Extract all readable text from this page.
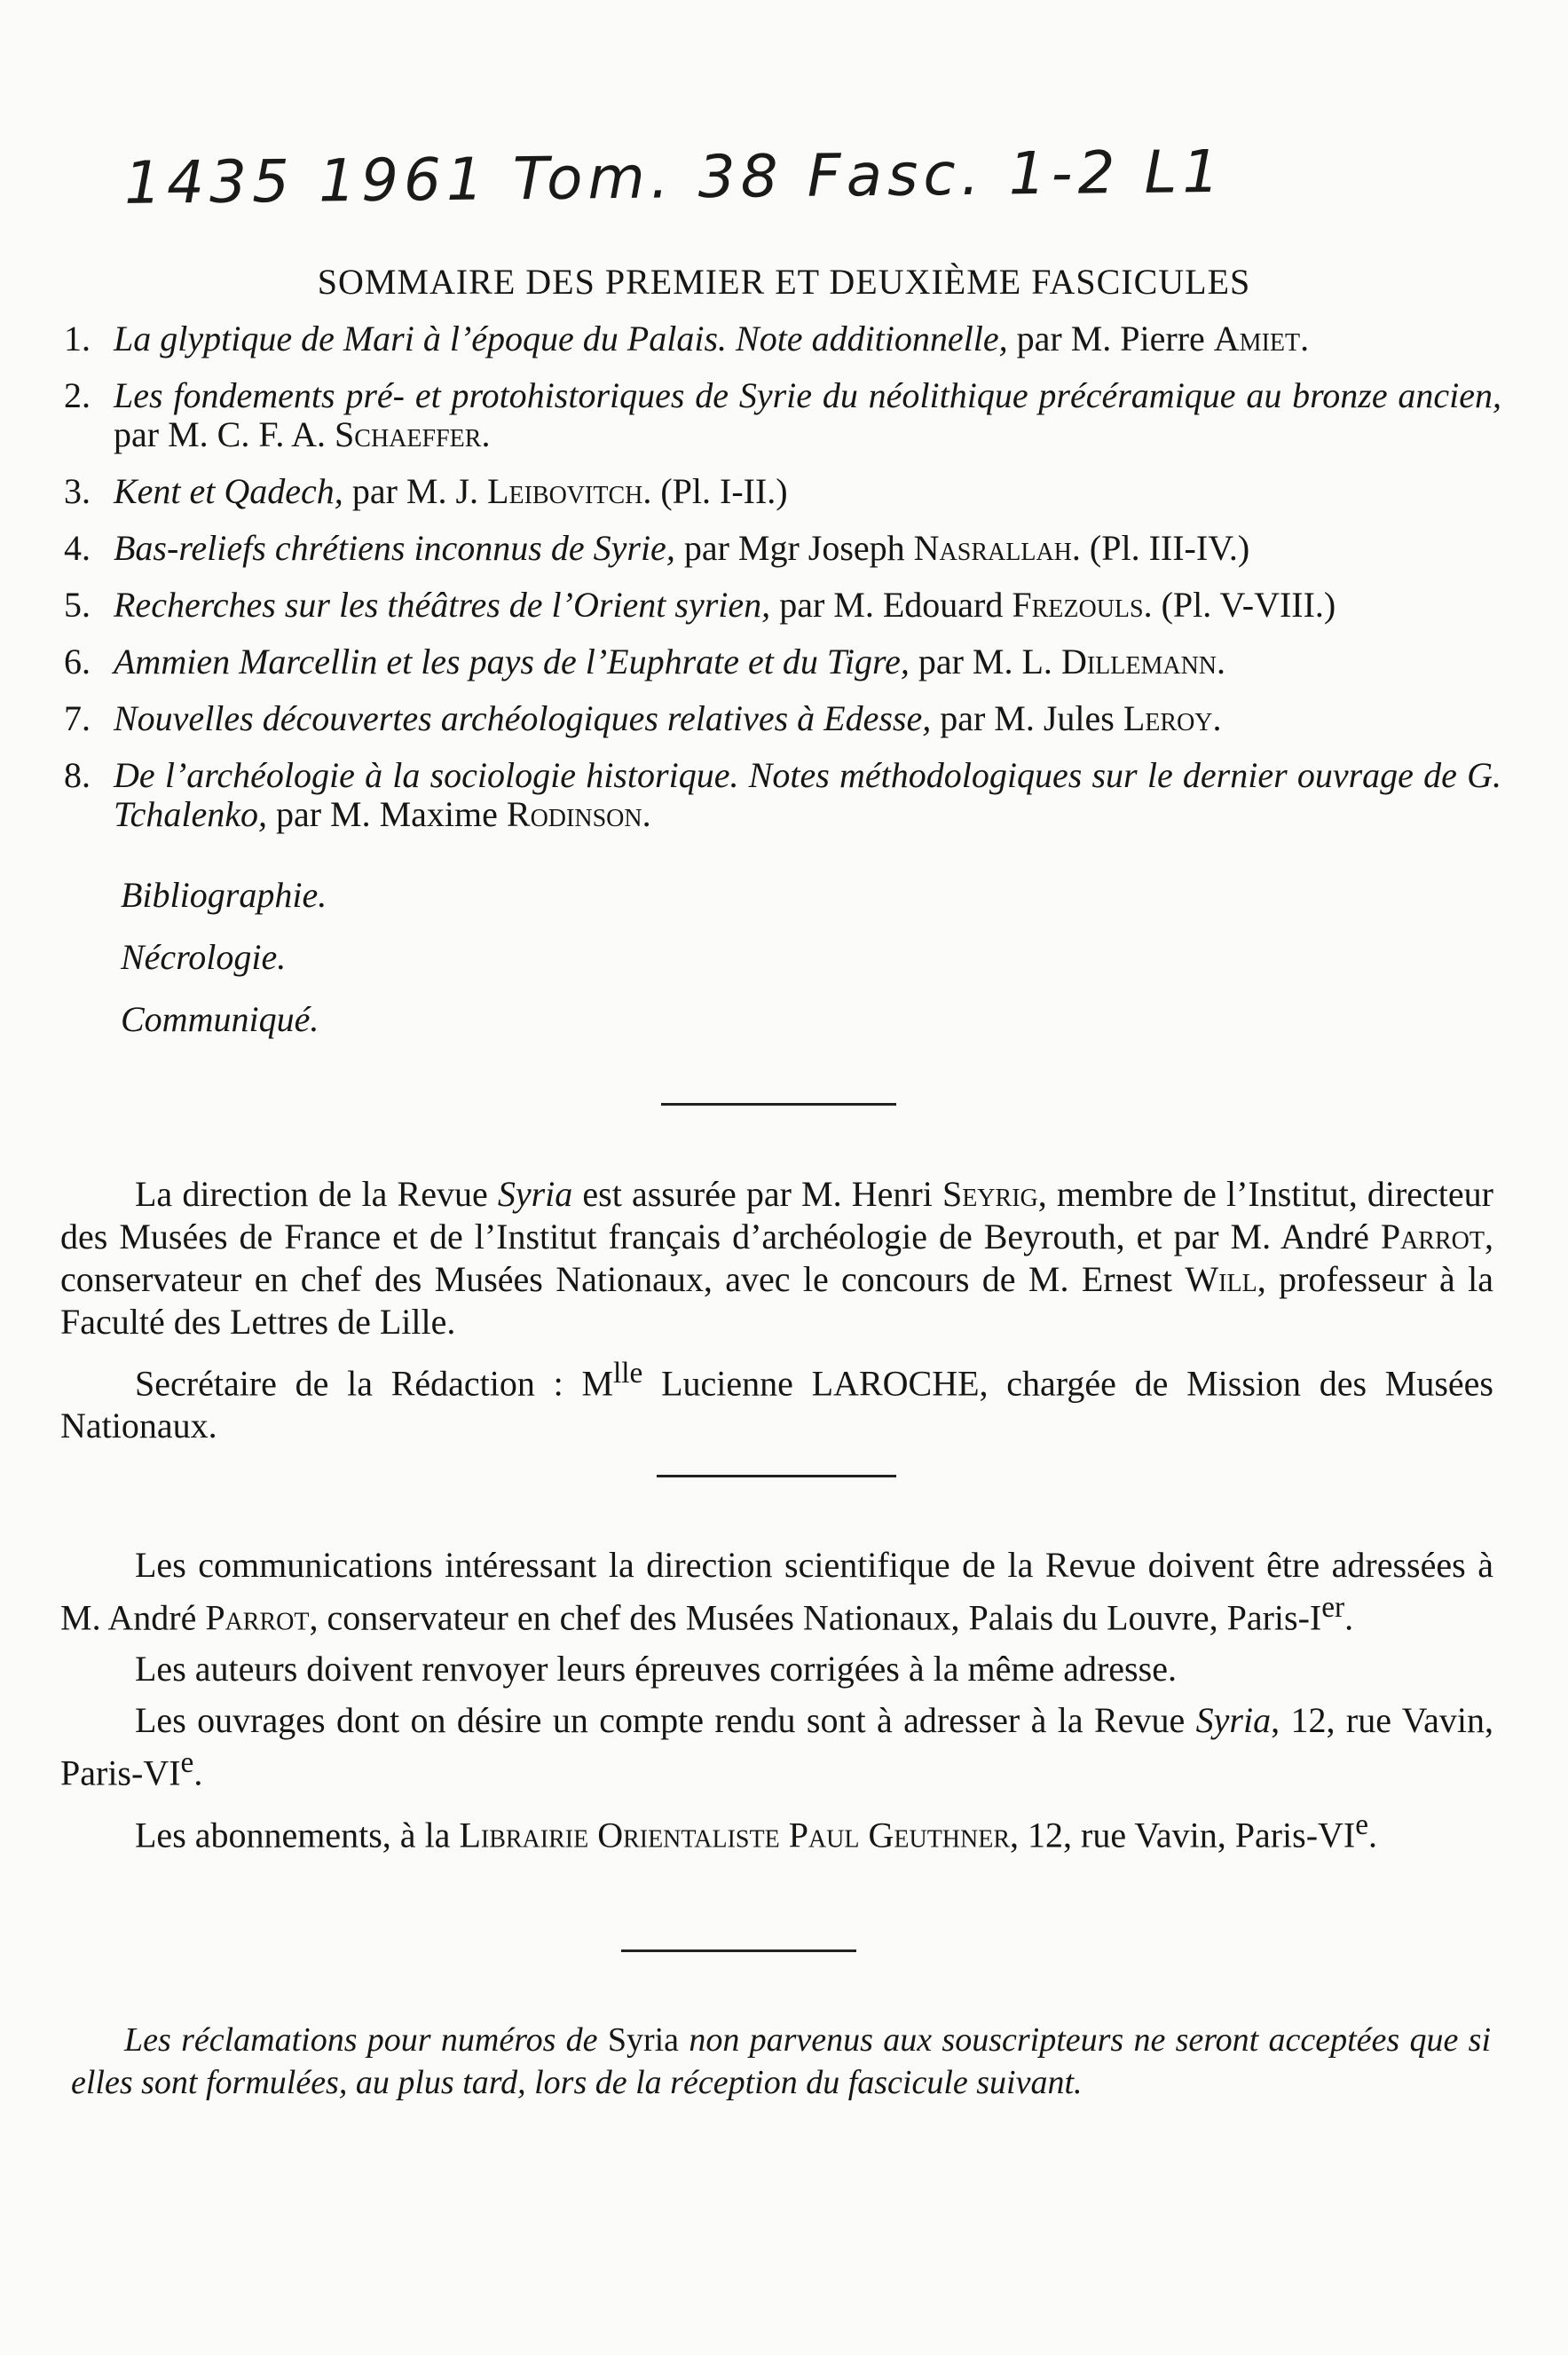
1435 1961 Tom. 38 Fasc. 1-2 L1
SOMMAIRE DES PREMIER ET DEUXIÈME FASCICULES
1. La glyptique de Mari à l’époque du Palais. Note additionnelle, par M. Pierre Amiet.
2. Les fondements pré- et protohistoriques de Syrie du néolithique précéramique au bronze ancien, par M. C. F. A. Schaeffer.
3. Kent et Qadech, par M. J. Leibovitch. (Pl. I-II.)
4. Bas-reliefs chrétiens inconnus de Syrie, par Mgr Joseph Nasrallah. (Pl. III-IV.)
5. Recherches sur les théâtres de l’Orient syrien, par M. Edouard Frezouls. (Pl. V-VIII.)
6. Ammien Marcellin et les pays de l’Euphrate et du Tigre, par M. L. Dillemann.
7. Nouvelles découvertes archéologiques relatives à Edesse, par M. Jules Leroy.
8. De l’archéologie à la sociologie historique. Notes méthodologiques sur le dernier ouvrage de G. Tchalenko, par M. Maxime Rodinson.
Bibliographie.
Nécrologie.
Communiqué.

La direction de la Revue Syria est assurée par M. Henri Seyrig, membre de l’Institut, directeur des Musées de France et de l’Institut français d’archéologie de Beyrouth, et par M. André Parrot, conservateur en chef des Musées Nationaux, avec le concours de M. Ernest Will, professeur à la Faculté des Lettres de Lille.

Secrétaire de la Rédaction : $M^{lle}$ Lucienne LAROCHE, chargée de Mission des Musées Nationaux.

Les communications intéressant la direction scientifique de la Revue doivent être adressées à M. André Parrot, conservateur en chef des Musées Nationaux, Palais du Louvre, Paris-Ier.

Les auteurs doivent renvoyer leurs épreuves corrigées à la même adresse.

Les ouvrages dont on désire un compte rendu sont à adresser à la Revue Syria, 12, rue Vavin, Paris-VIe.

Les abonnements, à la Librairie Orientaliste Paul Geuthner, 12, rue Vavin, Paris-VIe.

Les réclamations pour numéros de Syria non parvenus aux souscripteurs ne seront acceptées que si elles sont formulées, au plus tard, lors de la réception du fascicule suivant.
